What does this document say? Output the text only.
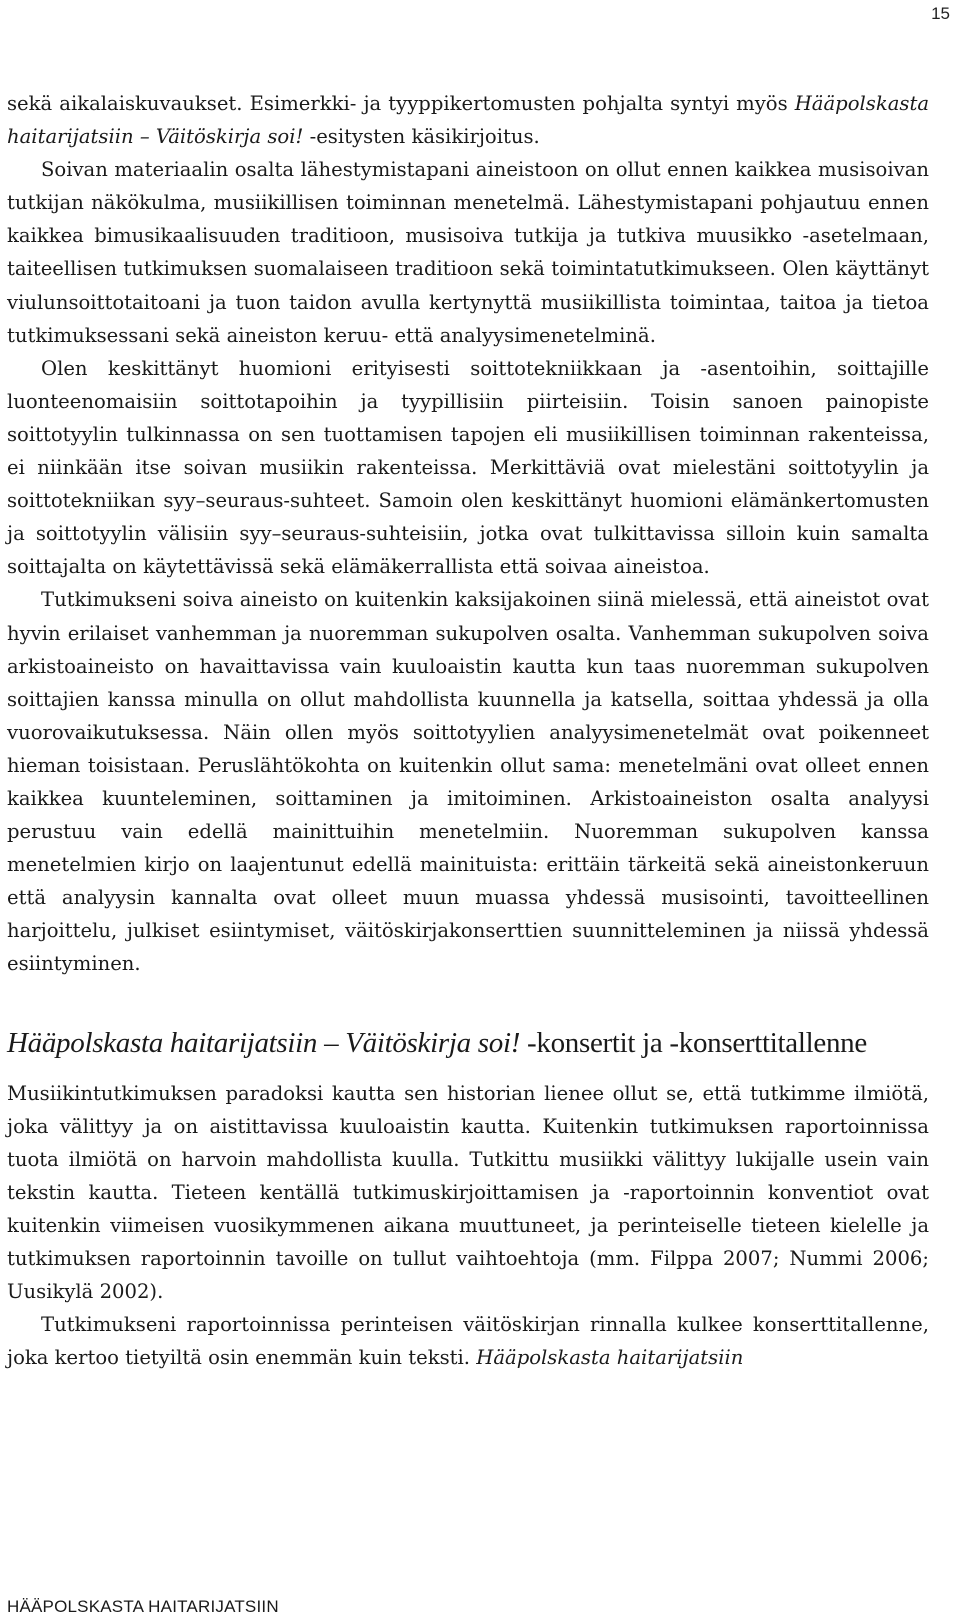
15

sekä aikalaiskuvaukset. Esimerkki- ja tyyppikertomusten pohjalta syntyi myös Hääpolskasta haitarijatsiin – Väitöskirja soi! -esitysten käsikirjoitus.

Soivan materiaalin osalta lähestymistapani aineistoon on ollut ennen kaikkea musisoivan tutkijan näkökulma, musiikillisen toiminnan menetelmä. Lähestymistapani pohjautuu ennen kaikkea bimusikaalisuuden traditioon, musisoiva tutkija ja tutkiva muusikko -asetelmaan, taiteellisen tutkimuksen suomalaiseen traditioon sekä toimintatutkimukseen. Olen käyttänyt viulunsoittotaitoani ja tuon taidon avulla kertynyttä musiikillista toimintaa, taitoa ja tietoa tutkimuksessani sekä aineiston keruu- että analyysimenetelminä.

Olen keskittänyt huomioni erityisesti soittotekniikkaan ja -asentoihin, soittajille luonteenomaisiin soittotapoihin ja tyypillisiin piirteisiin. Toisin sanoen painopiste soittotyylin tulkinnassa on sen tuottamisen tapojen eli musiikillisen toiminnan rakenteissa, ei niinkään itse soivan musiikin rakenteissa. Merkittäviä ovat mielestäni soittotyylin ja soittotekniikan syy–seuraus-suhteet. Samoin olen keskittänyt huomioni elämänkertomusten ja soittotyylin välisiin syy–seuraus-suhteisiin, jotka ovat tulkittavissa silloin kuin samalta soittajalta on käytettävissä sekä elämäkerrallista että soivaa aineistoa.

Tutkimukseni soiva aineisto on kuitenkin kaksijakoinen siinä mielessä, että aineistot ovat hyvin erilaiset vanhemman ja nuoremman sukupolven osalta. Vanhemman sukupolven soiva arkistoaineisto on havaittavissa vain kuuloaistin kautta kun taas nuoremman sukupolven soittajien kanssa minulla on ollut mahdollista kuunnella ja katsella, soittaa yhdessä ja olla vuorovaikutuksessa. Näin ollen myös soittotyylien analyysimenetelmät ovat poikenneet hieman toisistaan. Peruslähtökohta on kuitenkin ollut sama: menetelmäni ovat olleet ennen kaikkea kuunteleminen, soittaminen ja imitoiminen. Arkistoaineiston osalta analyysi perustuu vain edellä mainittuihin menetelmiin. Nuoremman sukupolven kanssa menetelmien kirjo on laajentunut edellä mainituista: erittäin tärkeitä sekä aineistonkeruun että analyysin kannalta ovat olleet muun muassa yhdessä musisointi, tavoitteellinen harjoittelu, julkiset esiintymiset, väitöskirjakonserttien suunnitteleminen ja niissä yhdessä esiintyminen.

Hääpolskasta haitarijatsiin – Väitöskirja soi! -konsertit ja -konserttitallenne

Musiikintutkimuksen paradoksi kautta sen historian lienee ollut se, että tutkimme ilmiötä, joka välittyy ja on aistittavissa kuuloaistin kautta. Kuitenkin tutkimuksen raportoinnissa tuota ilmiötä on harvoin mahdollista kuulla. Tutkittu musiikki välittyy lukijalle usein vain tekstin kautta. Tieteen kentällä tutkimuskirjoittamisen ja -raportoinnin konventiot ovat kuitenkin viimeisen vuosikymmenen aikana muuttuneet, ja perinteiselle tieteen kielelle ja tutkimuksen raportoinnin tavoille on tullut vaihtoehtoja (mm. Filppa 2007; Nummi 2006; Uusikylä 2002).

Tutkimukseni raportoinnissa perinteisen väitöskirjan rinnalla kulkee konserttitallenne, joka kertoo tietyiltä osin enemmän kuin teksti. Hääpolskasta haitarijatsiin

HÄÄPOLSKASTA HAITARIJATSIIN
